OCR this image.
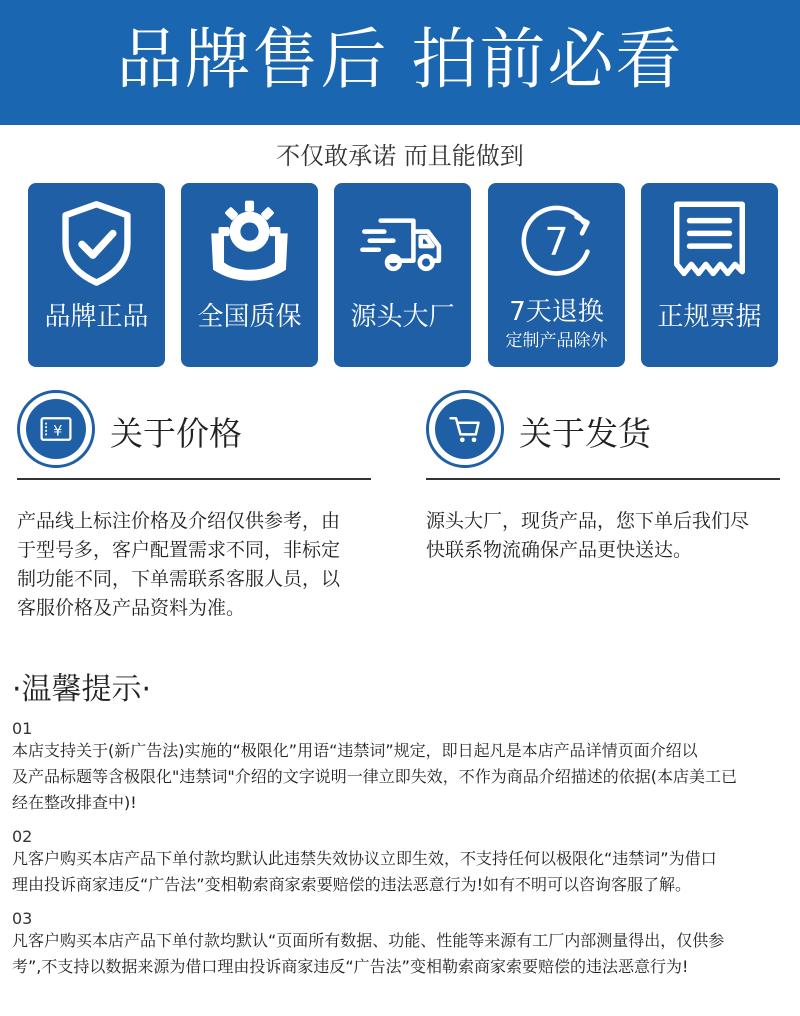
品牌售后 拍前必看
不仅敢承诺 而且能做到
品牌正品	全国质保	源头大厂
7
7天退换
定制产品除外
正规票据
¥ 关于价格
产品线上标注价格及介绍仅供参考，由
于型号多，客户配置需求不同，非标定
制功能不同，下单需联系客服人员，以
客服价格及产品资料为准。
关于发货
源头大厂，现货产品，您下单后我们尽
快联系物流确保产品更快送达。
·温馨提示·
01
本店支持关于(新广告法)实施的“极限化”用语“违禁词”规定，即日起凡是本店产品详情页面介绍以
及产品标题等含极限化"违禁词"介绍的文字说明一律立即失效，不作为商品介绍描述的依据(本店美工已
经在整改排查中)!
02
凡客户购买本店产品下单付款均默认此违禁失效协议立即生效，不支持任何以极限化“违禁词”为借口
理由投诉商家违反“广告法”变相勒索商家索要赔偿的违法恶意行为!如有不明可以咨询客服了解。
03
凡客户购买本店产品下单付款均默认“页面所有数据、功能、性能等来源有工厂内部测量得出，仅供参
考”,不支持以数据来源为借口理由投诉商家违反“广告法”变相勒索商家索要赔偿的违法恶意行为!
